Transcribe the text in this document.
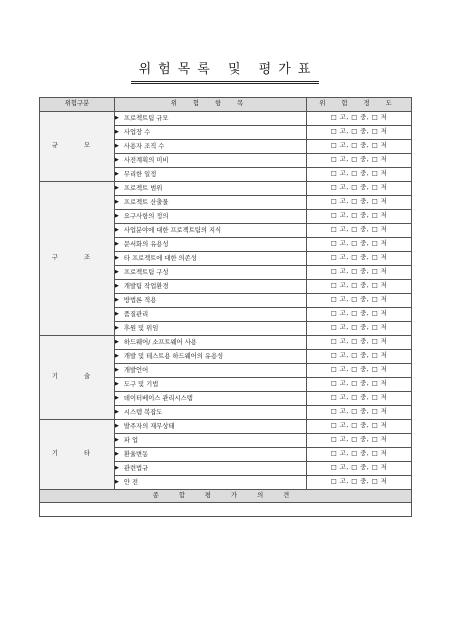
위험목록 및 평가표
위험구분	위 험 항 목	위 험 정 도
규 모	▶ 프로젝트팀 규모	□ 고, □ 중, □ 저
	▶ 사업장 수	□ 고, □ 중, □ 저
	▶ 사용자 조직 수	□ 고, □ 중, □ 저
	▶ 사전계획의 미비	□ 고, □ 중, □ 저
	▶ 무리한 일정	□ 고, □ 중, □ 저
구 조	▶ 프로젝트 범위	□ 고, □ 중, □ 저
	▶ 프로젝트 산출물	□ 고, □ 중, □ 저
	▶ 요구사항의 정의	□ 고, □ 중, □ 저
	▶ 사업분야에 대한 프로젝트팀의 지식	□ 고, □ 중, □ 저
	▶ 문서화의 유용성	□ 고, □ 중, □ 저
	▶ 타 프로젝트에 대한 의존성	□ 고, □ 중, □ 저
	▶ 프로젝트팀 구성	□ 고, □ 중, □ 저
	▶ 개발팀 작업환경	□ 고, □ 중, □ 저
	▶ 방법론 적용	□ 고, □ 중, □ 저
	▶ 품질관리	□ 고, □ 중, □ 저
	▶ 후원 및 위임	□ 고, □ 중, □ 저
기 술	▶ 하드웨어/ 소프트웨어 사용	□ 고, □ 중, □ 저
	▶ 개발 및 테스트용 하드웨어의 유용성	□ 고, □ 중, □ 저
	▶ 개발언어	□ 고, □ 중, □ 저
	▶ 도구 및 기법	□ 고, □ 중, □ 저
	▶ 데이터베이스 관리시스템	□ 고, □ 중, □ 저
	▶ 시스템 복잡도	□ 고, □ 중, □ 저
기 타	▶ 발주자의 재무상태	□ 고, □ 중, □ 저
	▶ 파 업	□ 고, □ 중, □ 저
	▶ 환율변동	□ 고, □ 중, □ 저
	▶ 관련법규	□ 고, □ 중, □ 저
	▶ 안 전	□ 고, □ 중, □ 저
종 합 평 가 의 견		
